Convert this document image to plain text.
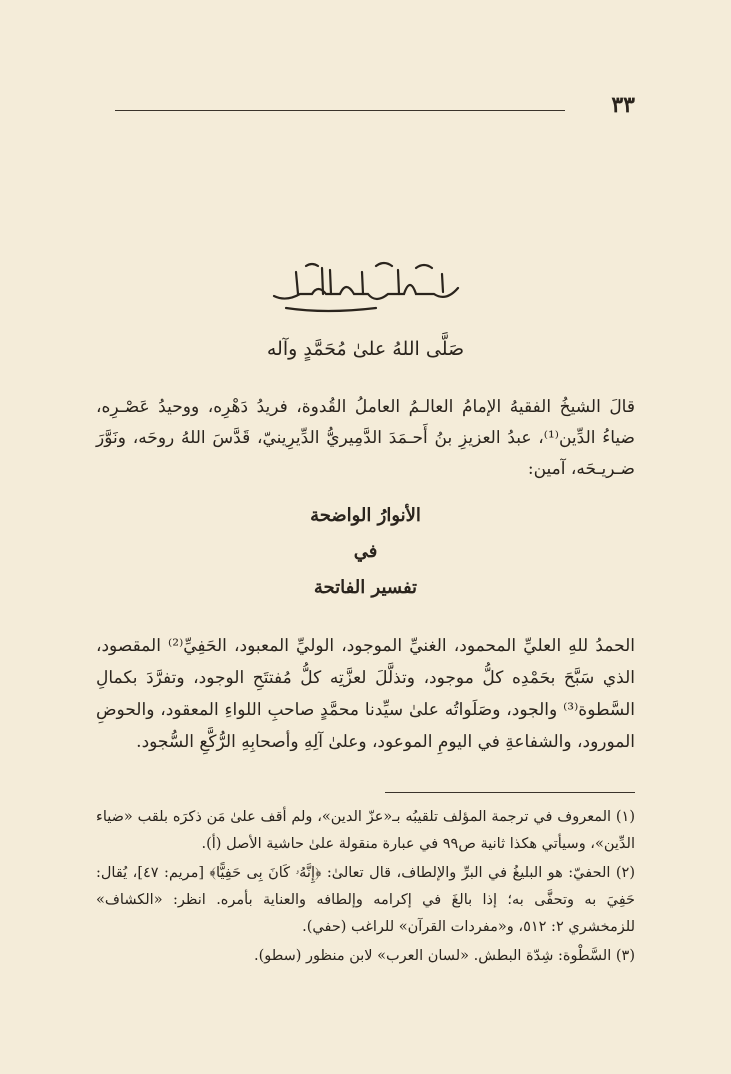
٣٣
صَلَّى اللهُ علىٰ مُحَمَّدٍ وآله
قالَ الشيخُ الفقيهُ الإمامُ العالـمُ العاملُ القُدوة، فريدُ دَهْرِه، ووحيدُ عَصْـرِه، ضياءُ الدِّين⁽¹⁾، عبدُ العزيزِ بنُ أَحـمَدَ الدَّمِيريُّ الدِّيرِينيّ، قَدَّسَ اللهُ روحَه، ونَوَّرَ ضـريـحَه، آمين:
الأنوارُ الواضحة
في
تفسير الفاتحة
الحمدُ للهِ العليِّ المحمود، الغنيِّ الموجود، الوليِّ المعبود، الحَفِيِّ⁽²⁾ المقصود، الذي سَبَّحَ بحَمْدِه كلُّ موجود، وتذلَّلَ لعزَّتِه كلُّ مُفتتَحِ الوجود، وتفرَّدَ بكمالِ السَّطوة⁽³⁾ والجود، وصَلَواتُه علىٰ سيِّدنا محمَّدٍ صاحبِ اللواءِ المعقود، والحوضِ المورود، والشفاعةِ في اليومِ الموعود، وعلىٰ آلِهِ وأصحابِهِ الرُّكَّعِ السُّجود.

(١) المعروف في ترجمة المؤلف تلقيبُه بـ«عزّ الدين»، ولم أقف علىٰ مَن ذكرَه بلقب «ضياء الدِّين»، وسيأتي هكذا ثانية ص٩٩ في عبارة منقولة علىٰ حاشية الأصل (أ).

(٢) الحفيّ: هو البليغُ في البرِّ والإلطاف، قال تعالىٰ: ﴿إِنَّهُۥ كَانَ بِى حَفِيًّا﴾ [مريم: ٤٧]، يُقال: حَفِيَ به وتحفَّى به؛ إذا بالغَ في إكرامه وإلطافه والعناية بأمره. انظر: «الكشاف» للزمخشري ٢: ٥١٢، و«مفردات القرآن» للراغب (حفي).

(٣) السَّطْوة: شِدّة البطش. «لسان العرب» لابن منظور (سطو).
